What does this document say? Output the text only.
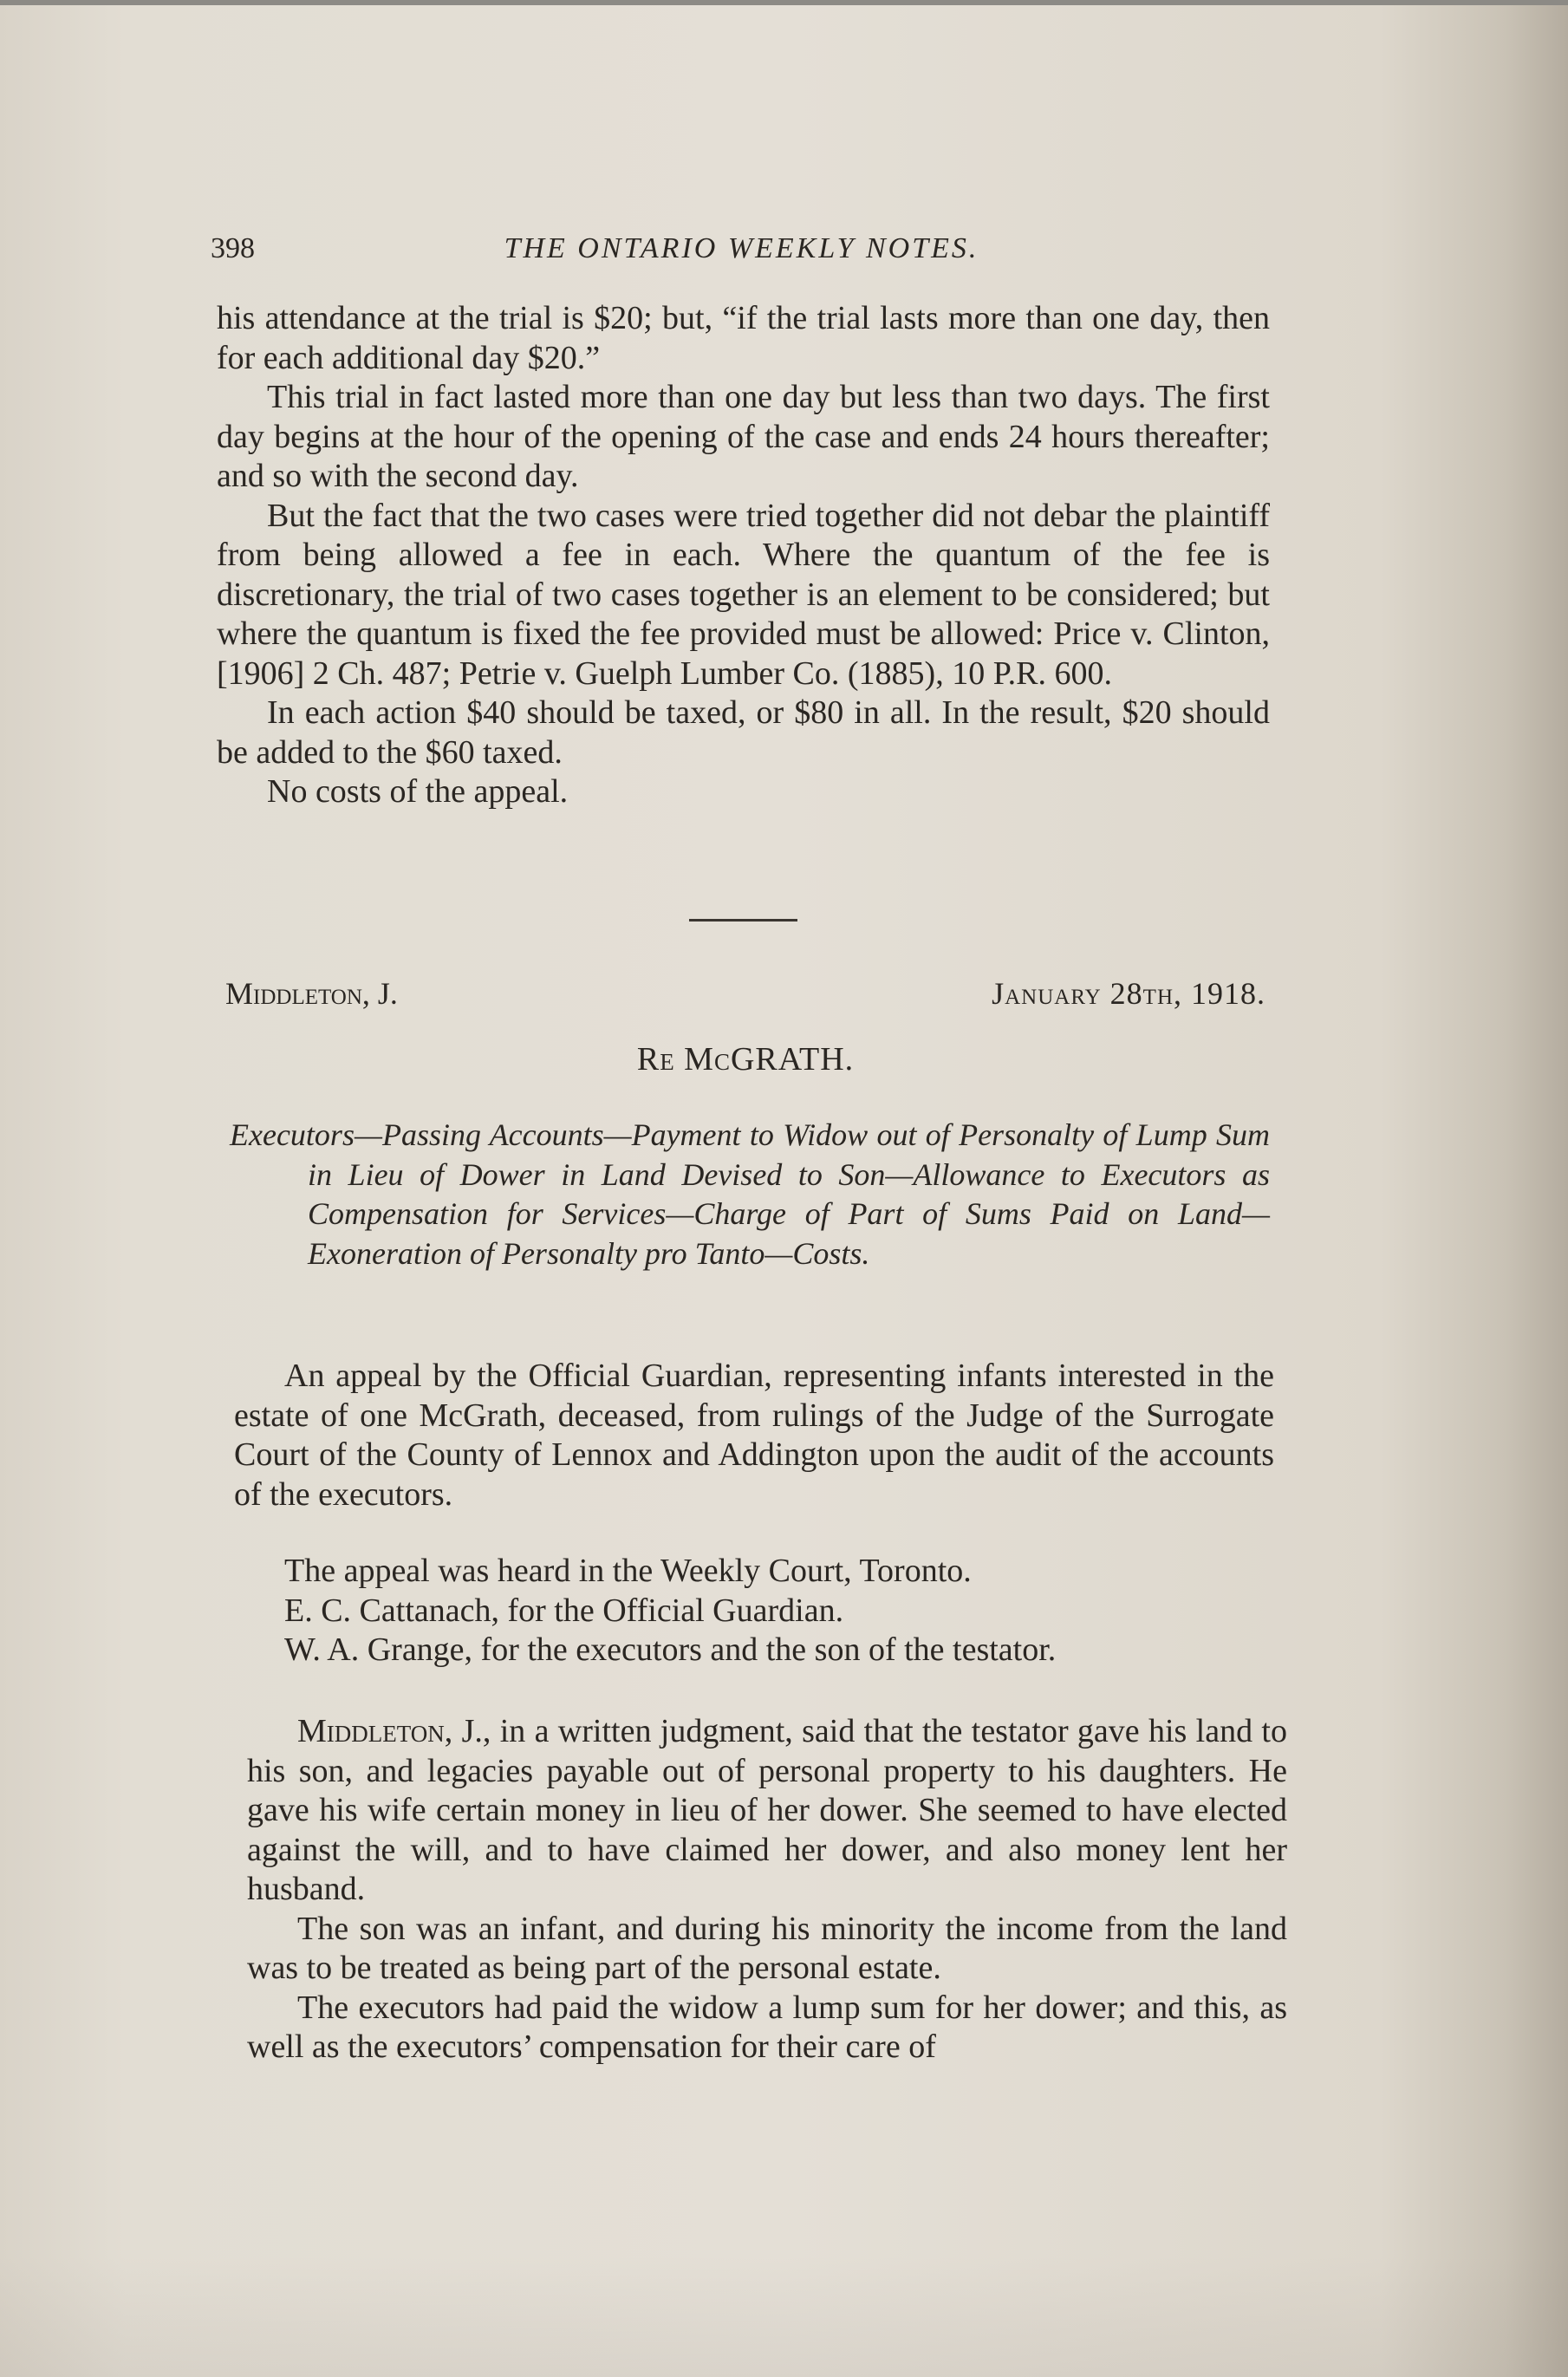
398	THE ONTARIO WEEKLY NOTES.

his attendance at the trial is $20; but, “if the trial lasts more than one day, then for each additional day $20.”

This trial in fact lasted more than one day but less than two days. The first day begins at the hour of the opening of the case and ends 24 hours thereafter; and so with the second day.

But the fact that the two cases were tried together did not debar the plaintiff from being allowed a fee in each. Where the quantum of the fee is discretionary, the trial of two cases together is an element to be considered; but where the quantum is fixed the fee provided must be allowed: Price v. Clinton, [1906] 2 Ch. 487; Petrie v. Guelph Lumber Co. (1885), 10 P.R. 600.

In each action $40 should be taxed, or $80 in all. In the result, $20 should be added to the $60 taxed.

No costs of the appeal.

Middleton, J.	January 28th, 1918.
Re McGRATH.
Executors—Passing Accounts—Payment to Widow out of Personalty of Lump Sum in Lieu of Dower in Land Devised to Son—Allowance to Executors as Compensation for Services—Charge of Part of Sums Paid on Land—Exoneration of Personalty pro Tanto—Costs.

An appeal by the Official Guardian, representing infants interested in the estate of one McGrath, deceased, from rulings of the Judge of the Surrogate Court of the County of Lennox and Addington upon the audit of the accounts of the executors.

The appeal was heard in the Weekly Court, Toronto.

E. C. Cattanach, for the Official Guardian.

W. A. Grange, for the executors and the son of the testator.

Middleton, J., in a written judgment, said that the testator gave his land to his son, and legacies payable out of personal property to his daughters. He gave his wife certain money in lieu of her dower. She seemed to have elected against the will, and to have claimed her dower, and also money lent her husband.

The son was an infant, and during his minority the income from the land was to be treated as being part of the personal estate.

The executors had paid the widow a lump sum for her dower; and this, as well as the executors’ compensation for their care of
